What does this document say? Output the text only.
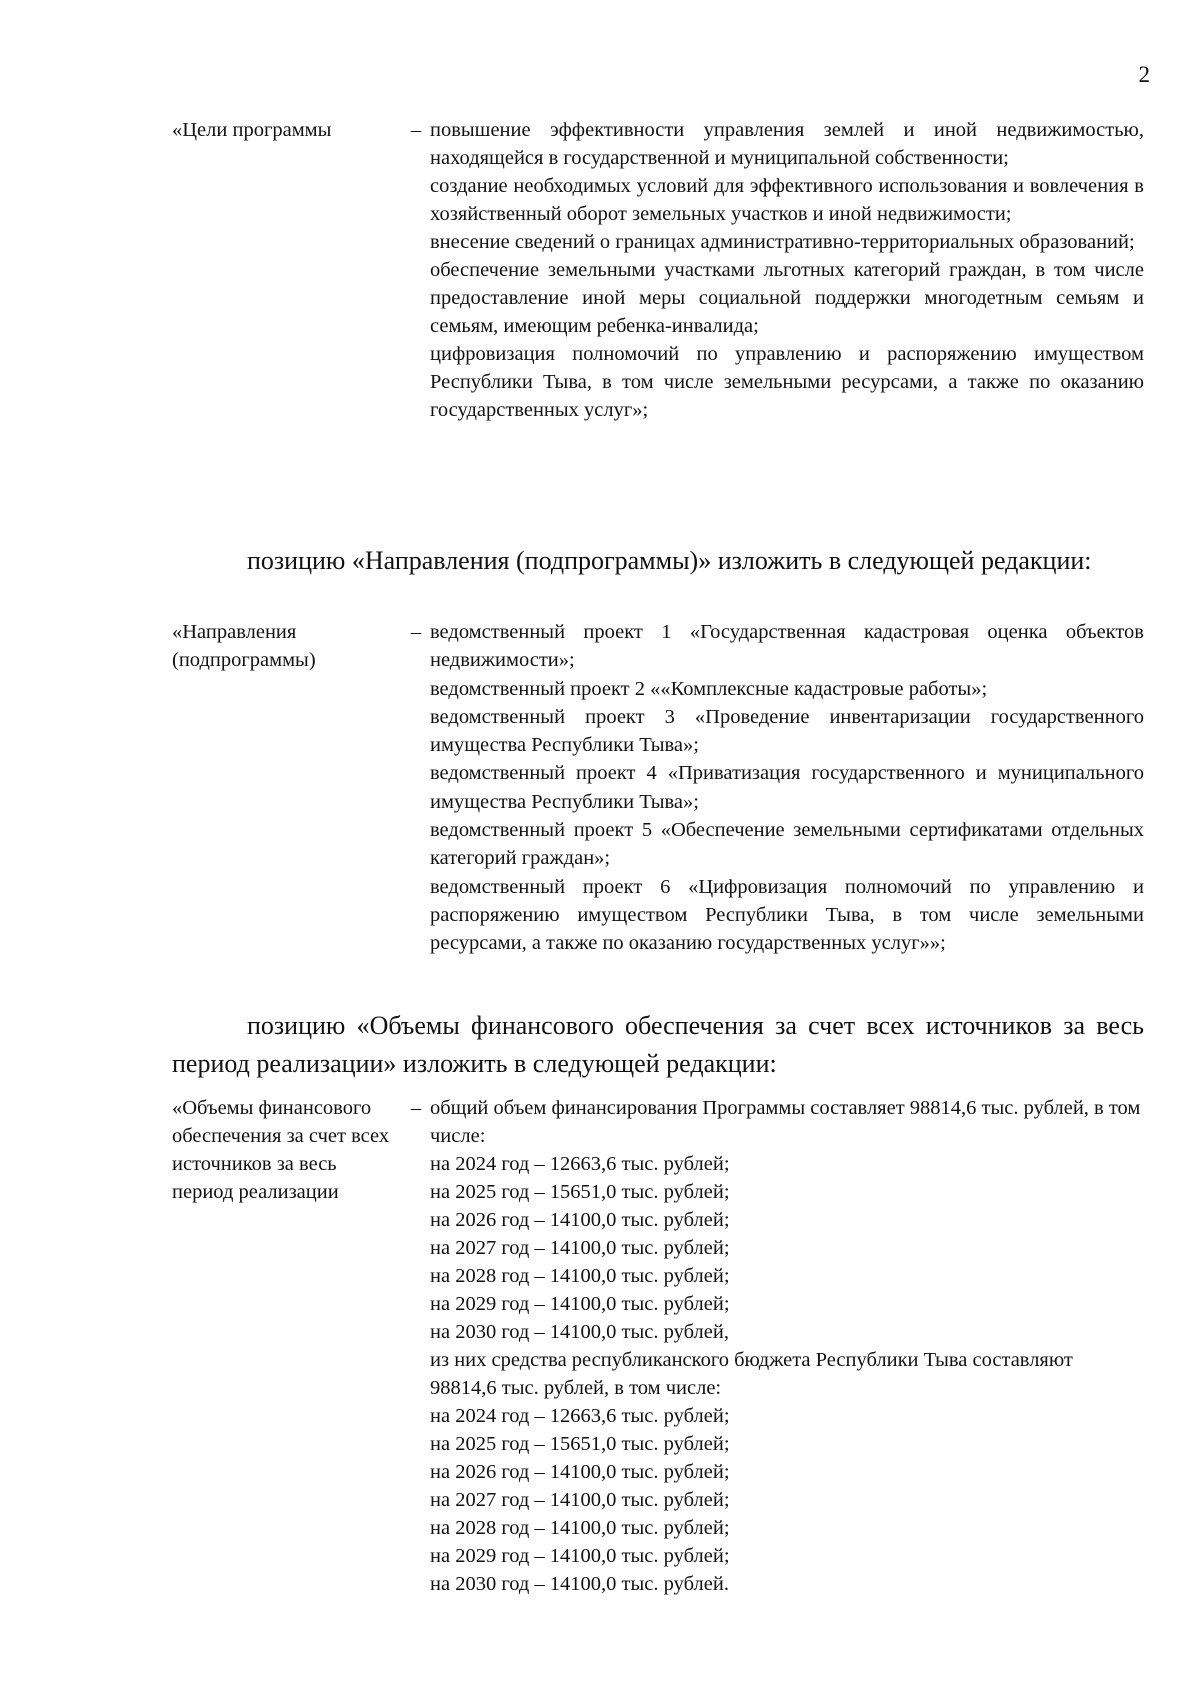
2
«Цели программы	– повышение эффективности управления землей и иной недвижимостью, находящейся в государственной и муниципальной собственности;

создание необходимых условий для эффективного использования и вовлечения в хозяйственный оборот земельных участков и иной недвижимости;

внесение сведений о границах административно-территориальных образований;

обеспечение земельными участками льготных категорий граждан, в том числе предоставление иной меры социальной поддержки многодетным семьям и семьям, имеющим ребенка-инвалида;

цифровизация полномочий по управлению и распоряжению имуществом Республики Тыва, в том числе земельными ресурсами, а также по оказанию государственных услуг»;

позицию «Направления (подпрограммы)» изложить в следующей редакции:

«Направления (подпрограммы)
– ведомственный проект 1 «Государственная кадастровая оценка объектов недвижимости»;

ведомственный проект 2 ««Комплексные кадастровые работы»;

ведомственный проект 3 «Проведение инвентаризации государственного имущества Республики Тыва»;

ведомственный проект 4 «Приватизация государственного и муниципального имущества Республики Тыва»;

ведомственный проект 5 «Обеспечение земельными сертификатами отдельных категорий граждан»;

ведомственный проект 6 «Цифровизация полномочий по управлению и распоряжению имуществом Республики Тыва, в том числе земельными ресурсами, а также по оказанию государственных услуг»»;

позицию «Объемы финансового обеспечения за счет всех источников за весь период реализации» изложить в следующей редакции:

«Объемы финансового обеспечения за счет всех источников за весь период реализации
– общий объем финансирования Программы составляет 98814,6 тыс. рублей, в том числе:

на 2024 год – 12663,6 тыс. рублей;

на 2025 год – 15651,0 тыс. рублей;

на 2026 год – 14100,0 тыс. рублей;

на 2027 год – 14100,0 тыс. рублей;

на 2028 год – 14100,0 тыс. рублей;

на 2029 год – 14100,0 тыс. рублей;

на 2030 год – 14100,0 тыс. рублей,

из них средства республиканского бюджета Республики Тыва составляют 98814,6 тыс. рублей, в том числе:

на 2024 год – 12663,6 тыс. рублей;

на 2025 год – 15651,0 тыс. рублей;

на 2026 год – 14100,0 тыс. рублей;

на 2027 год – 14100,0 тыс. рублей;

на 2028 год – 14100,0 тыс. рублей;

на 2029 год – 14100,0 тыс. рублей;

на 2030 год – 14100,0 тыс. рублей.
